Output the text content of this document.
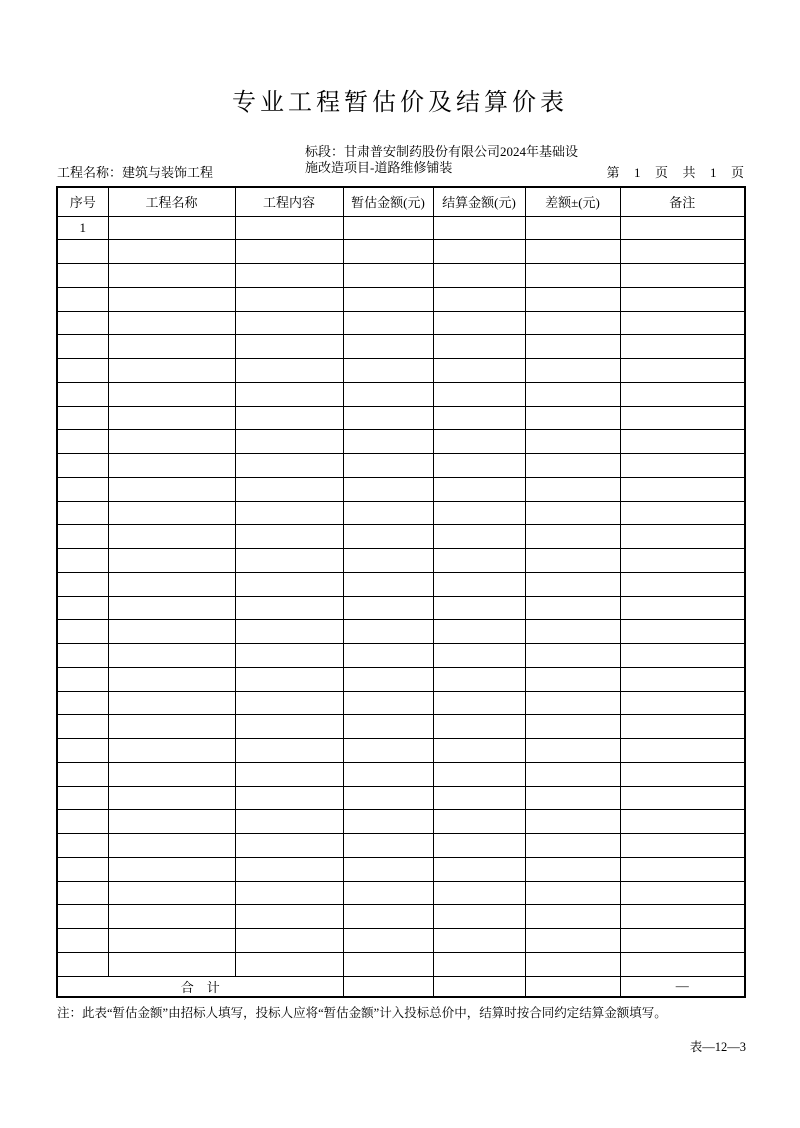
专业工程暂估价及结算价表
工程名称：建筑与装饰工程
标段：甘肃普安制药股份有限公司2024年基础设
施改造项目-道路维修铺装	第  1  页  共  1  页
序号	工程名称	工程内容	暂估金额(元)	结算金额(元)	差额±(元)	备注
1						

合    计						—
注：此表“暂估金额”由招标人填写，投标人应将“暂估金额”计入投标总价中，结算时按合同约定结算金额填写。
表—12—3
